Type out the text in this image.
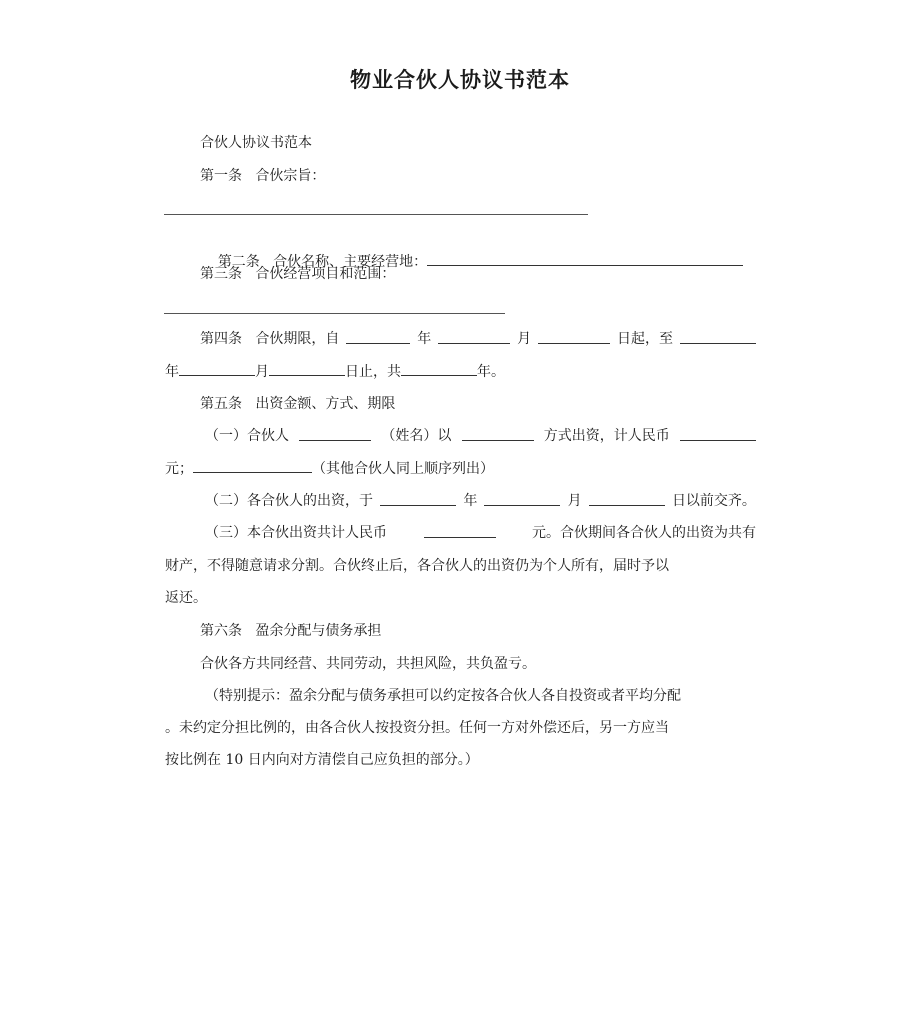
物业合伙人协议书范本
合伙人协议书范本
第一条   合伙宗旨：

第二条   合伙名称、主要经营地：

第三条   合伙经营项目和范围：
第四条   合伙期限，自	年	月	日起，至
年	月	日止，共	年。
第五条   出资金额、方式、期限
（一）合伙人	（姓名）以	方式出资，计人民币
元；	（其他合伙人同上顺序列出）
（二）各合伙人的出资，于	年	月	日以前交齐。
（三）本合伙出资共计人民币	元。合伙期间各合伙人的出资为共有
财产，不得随意请求分割。合伙终止后，各合伙人的出资仍为个人所有，届时予以
返还。
第六条   盈余分配与债务承担
合伙各方共同经营、共同劳动，共担风险，共负盈亏。
（特别提示：盈余分配与债务承担可以约定按各合伙人各自投资或者平均分配
。未约定分担比例的，由各合伙人按投资分担。任何一方对外偿还后，另一方应当
按比例在 10 日内向对方清偿自己应负担的部分。）
